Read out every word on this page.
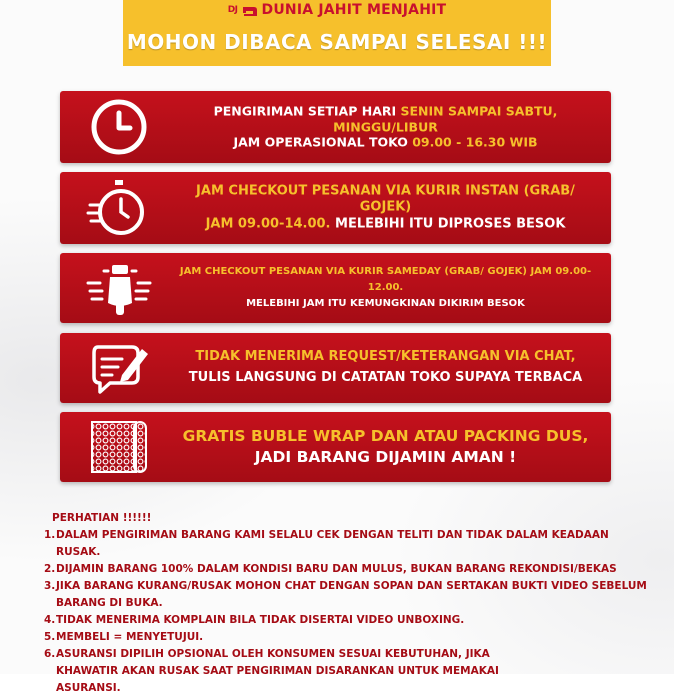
DJ DUNIA JAHIT MENJAHIT
MOHON DIBACA SAMPAI SELESAI !!!
PENGIRIMAN SETIAP HARI SENIN SAMPAI SABTU,
MINGGU/LIBUR
JAM OPERASIONAL TOKO 09.00 - 16.30 WIB
JAM CHECKOUT PESANAN VIA KURIR INSTAN (GRAB/ GOJEK)
JAM 09.00-14.00. MELEBIHI ITU DIPROSES BESOK
JAM CHECKOUT PESANAN VIA KURIR SAMEDAY (GRAB/ GOJEK) JAM 09.00-12.00.
MELEBIHI JAM ITU KEMUNGKINAN DIKIRIM BESOK
TIDAK MENERIMA REQUEST/KETERANGAN VIA CHAT,
TULIS LANGSUNG DI CATATAN TOKO SUPAYA TERBACA
GRATIS BUBLE WRAP DAN ATAU PACKING DUS,
JADI BARANG DIJAMIN AMAN !
PERHATIAN !!!!!!
1. DALAM PENGIRIMAN BARANG KAMI SELALU CEK DENGAN TELITI DAN TIDAK DALAM KEADAAN RUSAK.
2. DIJAMIN BARANG 100% DALAM KONDISI BARU DAN MULUS, BUKAN BARANG REKONDISI/BEKAS
3. JIKA BARANG KURANG/RUSAK MOHON CHAT DENGAN SOPAN DAN SERTAKAN BUKTI VIDEO SEBELUM BARANG DI BUKA.
4. TIDAK MENERIMA KOMPLAIN BILA TIDAK DISERTAI VIDEO UNBOXING.
5. MEMBELI = MENYETUJUI.
6. ASURANSI DIPILIH OPSIONAL OLEH KONSUMEN SESUAI KEBUTUHAN, JIKA KHAWATIR AKAN RUSAK SAAT PENGIRIMAN DISARANKAN UNTUK MEMAKAI ASURANSI.
